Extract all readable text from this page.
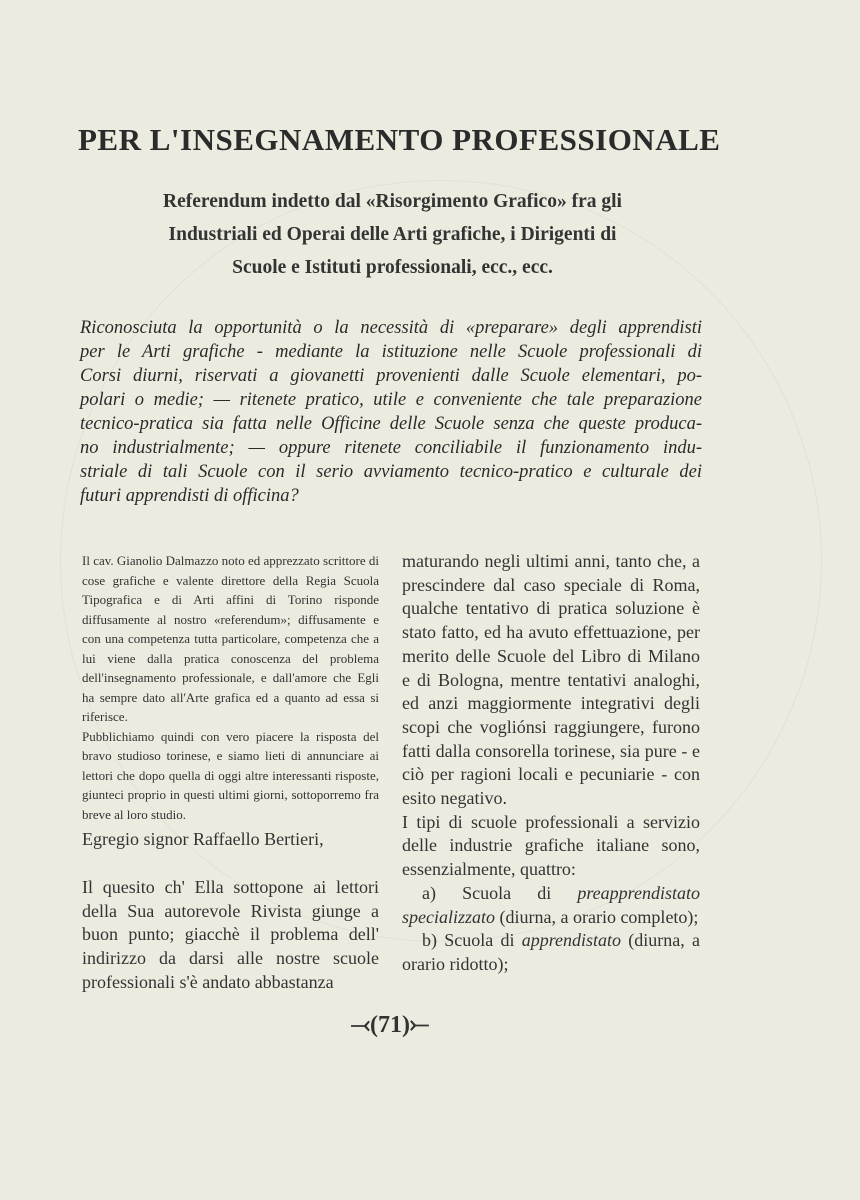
PER L'INSEGNAMENTO PROFESSIONALE
Referendum indetto dal «Risorgimento Grafico» fra gli
Industriali ed Operai delle Arti grafiche, i Dirigenti di
Scuole e Istituti professionali, ecc., ecc.
Riconosciuta la opportunità o la necessità di «preparare» degli apprendisti
per le Arti grafiche - mediante la istituzione nelle Scuole professionali di
Corsi diurni, riservati a giovanetti provenienti dalle Scuole elementari, po-
polari o medie; — ritenete pratico, utile e conveniente che tale preparazione
tecnico-pratica sia fatta nelle Officine delle Scuole senza che queste produca-
no industrialmente; — oppure ritenete conciliabile il funzionamento indu-
striale di tali Scuole con il serio avviamento tecnico-pratico e culturale dei
futuri apprendisti di officina?

Il cav. Gianolio Dalmazzo noto ed apprezzato scrittore di cose grafiche e valente direttore della Regia Scuola Tipografica e di Arti affini di Torino risponde diffusamente al nostro «referendum»; diffusamente e con una competenza tutta particolare, competenza che a lui viene dalla pratica conoscenza del problema dell'insegnamento professionale, e dall'amore che Egli ha sempre dato all'Arte grafica ed a quanto ad essa si riferisce.

Pubblichiamo quindi con vero piacere la risposta del bravo studioso torinese, e siamo lieti di annunciare ai lettori che dopo quella di oggi altre interessanti risposte, giunteci proprio in questi ultimi giorni, sottoporremo fra breve al loro studio.

Egregio signor Raffaello Bertieri,
Il quesito ch' Ella sottopone ai lettori della Sua autorevole Rivista giunge a buon punto; giacchè il problema dell' indirizzo da darsi alle nostre scuole professionali s'è andato abbastanza

maturando negli ultimi anni, tanto che, a prescindere dal caso speciale di Roma, qualche tentativo di pratica soluzione è stato fatto, ed ha avuto effettuazione, per merito delle Scuole del Libro di Milano e di Bologna, mentre tentativi analoghi, ed anzi maggiormente integrativi degli scopi che vogliónsi raggiungere, furono fatti dalla consorella torinese, sia pure - e ciò per ragioni locali e pecuniarie - con esito negativo.

I tipi di scuole professionali a servizio delle industrie grafiche italiane sono, essenzialmente, quattro:

a) Scuola di preapprendistato specializzato (diurna, a orario completo);

b) Scuola di apprendistato (diurna, a orario ridotto);

⤙(71)⤚
